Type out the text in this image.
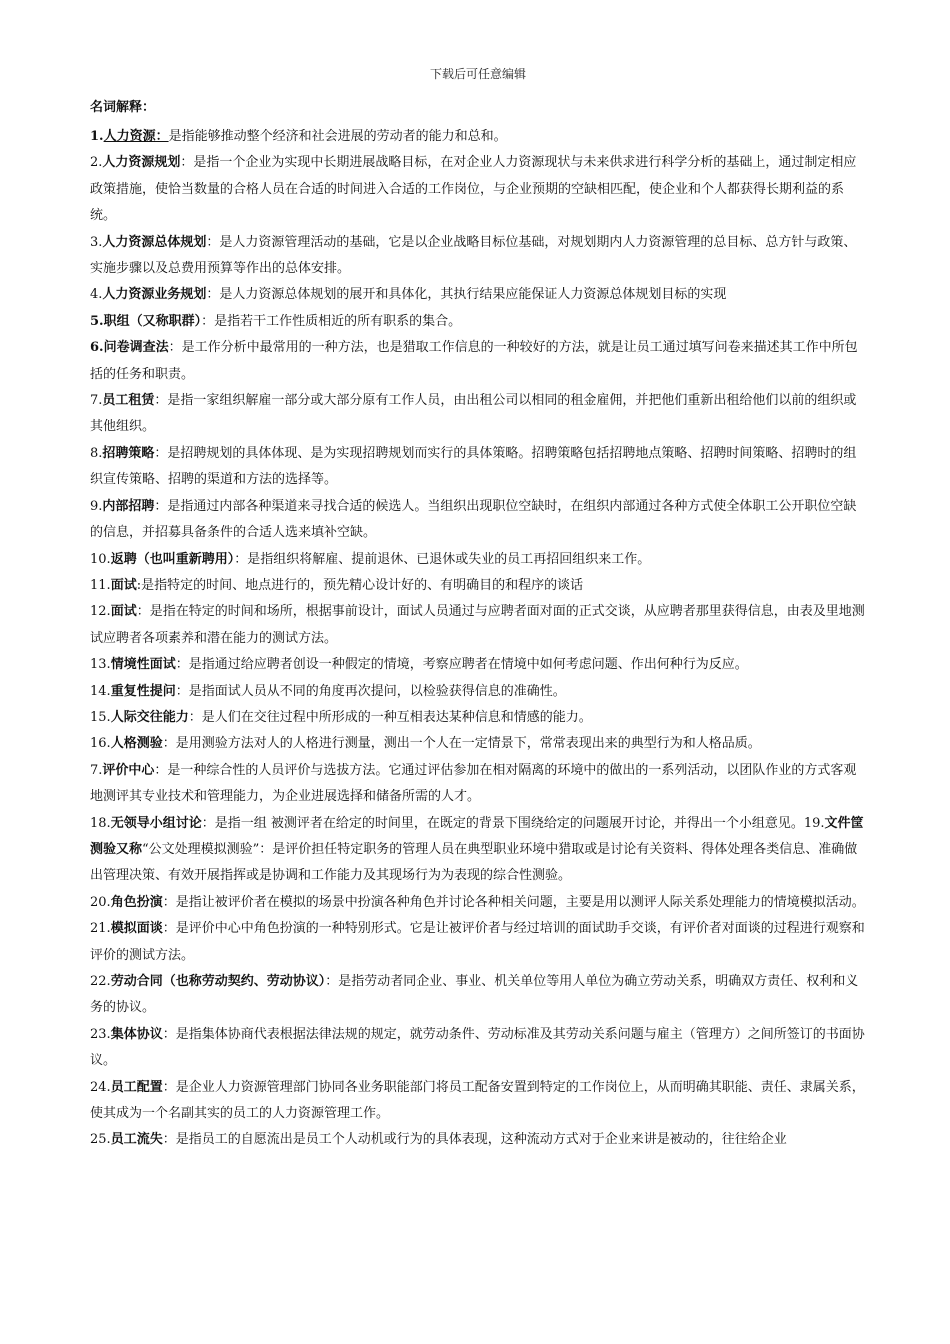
下载后可任意编辑
名词解释：

1.人力资源：是指能够推动整个经济和社会进展的劳动者的能力和总和。

2.人力资源规划：是指一个企业为实现中长期进展战略目标，在对企业人力资源现状与未来供求进行科学分析的基础上，通过制定相应政策措施，使恰当数量的合格人员在合适的时间进入合适的工作岗位，与企业预期的空缺相匹配，使企业和个人都获得长期利益的系统。

3.人力资源总体规划：是人力资源管理活动的基础，它是以企业战略目标位基础，对规划期内人力资源管理的总目标、总方针与政策、实施步骤以及总费用预算等作出的总体安排。

4.人力资源业务规划：是人力资源总体规划的展开和具体化，其执行结果应能保证人力资源总体规划目标的实现

5.职组（又称职群）：是指若干工作性质相近的所有职系的集合。

6.问卷调查法：是工作分析中最常用的一种方法，也是猎取工作信息的一种较好的方法，就是让员工通过填写问卷来描述其工作中所包括的任务和职责。

7.员工租赁：是指一家组织解雇一部分或大部分原有工作人员，由出租公司以相同的租金雇佣，并把他们重新出租给他们以前的组织或其他组织。

8.招聘策略：是招聘规划的具体体现、是为实现招聘规划而实行的具体策略。招聘策略包括招聘地点策略、招聘时间策略、招聘时的组织宣传策略、招聘的渠道和方法的选择等。

9.内部招聘：是指通过内部各种渠道来寻找合适的候选人。当组织出现职位空缺时，在组织内部通过各种方式使全体职工公开职位空缺的信息，并招募具备条件的合适人选来填补空缺。

10.返聘（也叫重新聘用）：是指组织将解雇、提前退休、已退休或失业的员工再招回组织来工作。

11.面试:是指特定的时间、地点进行的，预先精心设计好的、有明确目的和程序的谈话

12.面试：是指在特定的时间和场所，根据事前设计，面试人员通过与应聘者面对面的正式交谈，从应聘者那里获得信息，由表及里地测试应聘者各项素养和潜在能力的测试方法。

13.情境性面试：是指通过给应聘者创设一种假定的情境，考察应聘者在情境中如何考虑问题、作出何种行为反应。

14.重复性提问：是指面试人员从不同的角度再次提问，以检验获得信息的准确性。

15.人际交往能力：是人们在交往过程中所形成的一种互相表达某种信息和情感的能力。

16.人格测验：是用测验方法对人的人格进行测量，测出一个人在一定情景下，常常表现出来的典型行为和人格品质。

7.评价中心：是一种综合性的人员评价与选拔方法。它通过评估参加在相对隔离的环境中的做出的一系列活动，以团队作业的方式客观地测评其专业技术和管理能力，为企业进展选择和储备所需的人才。

18.无领导小组讨论：是指一组 被测评者在给定的时间里，在既定的背景下围绕给定的问题展开讨论，并得出一个小组意见。19.文件筐测验又称“公文处理模拟测验”：是评价担任特定职务的管理人员在典型职业环境中猎取或是讨论有关资料、得体处理各类信息、准确做出管理决策、有效开展指挥或是协调和工作能力及其现场行为为表现的综合性测验。

20.角色扮演：是指让被评价者在模拟的场景中扮演各种角色并讨论各种相关问题，主要是用以测评人际关系处理能力的情境模拟活动。

21.模拟面谈：是评价中心中角色扮演的一种特别形式。它是让被评价者与经过培训的面试助手交谈，有评价者对面谈的过程进行观察和评价的测试方法。

22.劳动合同（也称劳动契约、劳动协议）：是指劳动者同企业、事业、机关单位等用人单位为确立劳动关系，明确双方责任、权利和义务的协议。

23.集体协议：是指集体协商代表根据法律法规的规定，就劳动条件、劳动标准及其劳动关系问题与雇主（管理方）之间所签订的书面协议。

24.员工配置：是企业人力资源管理部门协同各业务职能部门将员工配备安置到特定的工作岗位上，从而明确其职能、责任、隶属关系，使其成为一个名副其实的员工的人力资源管理工作。

25.员工流失：是指员工的自愿流出是员工个人动机或行为的具体表现，这种流动方式对于企业来讲是被动的，往往给企业
